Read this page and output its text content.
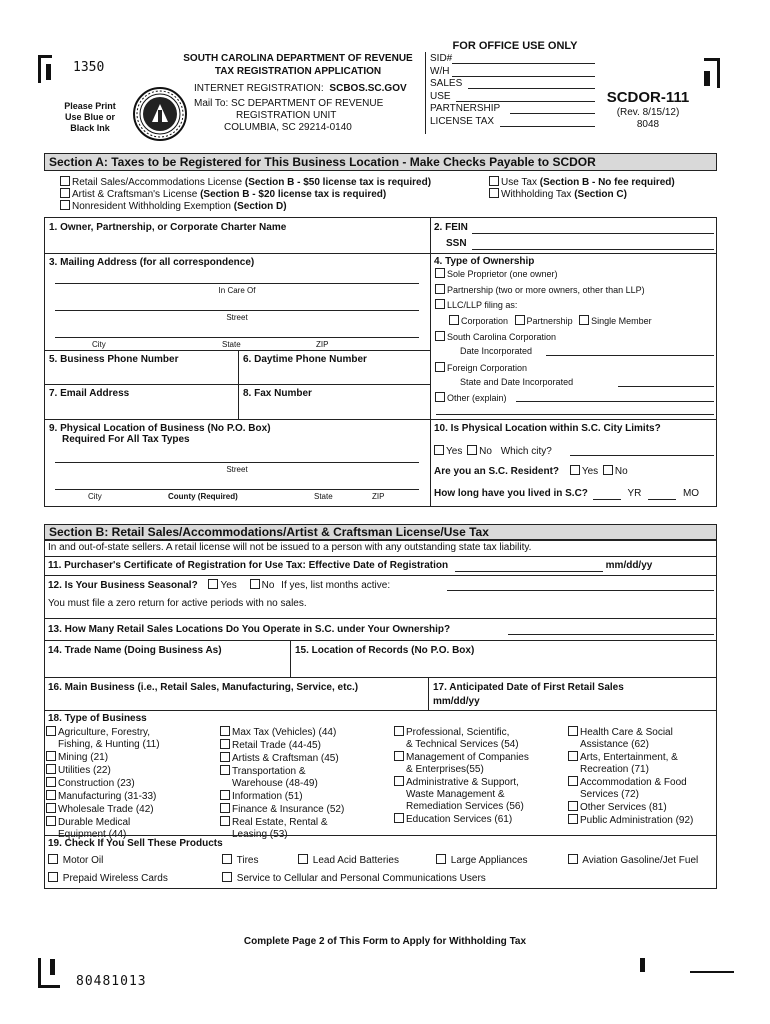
1350
Please Print
Use Blue or
Black Ink
SOUTH CAROLINA DEPARTMENT OF REVENUE
TAX REGISTRATION APPLICATION
INTERNET REGISTRATION: SCBOS.SC.GOV
Mail To: SC DEPARTMENT OF REVENUE
REGISTRATION UNIT
COLUMBIA, SC 29214-0140
FOR OFFICE USE ONLY
SID#
W/H
SALES
USE
PARTNERSHIP
LICENSE TAX
SCDOR-111
(Rev. 8/15/12)
8048
Section A: Taxes to be Registered for This Business Location - Make Checks Payable to SCDOR
Retail Sales/Accommodations License (Section B - $50 license tax is required)
Artist & Craftsman's License (Section B - $20 license tax is required)
Nonresident Withholding Exemption (Section D)
Use Tax (Section B - No fee required)
Withholding Tax (Section C)
1. Owner, Partnership, or Corporate Charter Name	2. FEIN
SSN
3. Mailing Address (for all correspondence)
In Care Of
Street
City	State	ZIP
4. Type of Ownership
Sole Proprietor (one owner)
Partnership (two or more owners, other than LLP)
LLC/LLP filing as:
Corporation Partnership Single Member
South Carolina Corporation
Date Incorporated
Foreign Corporation
State and Date Incorporated
Other (explain)
5. Business Phone Number	6. Daytime Phone Number
7. Email Address	8. Fax Number
9. Physical Location of Business (No P.O. Box)
Required For All Tax Types
Street
City	County (Required)	State	ZIP
10. Is Physical Location within S.C. City Limits?
Yes No Which city?
Are you an S.C. Resident? Yes No
How long have you lived in S.C?	YR	MO
Section B: Retail Sales/Accommodations/Artist & Craftsman License/Use Tax
In and out-of-state sellers. A retail license will not be issued to a person with any outstanding state tax liability.
11. Purchaser's Certificate of Registration for Use Tax: Effective Date of Registration	mm/dd/yy
12. Is Your Business Seasonal? Yes No If yes, list months active:
You must file a zero return for active periods with no sales.
13. How Many Retail Sales Locations Do You Operate in S.C. under Your Ownership?
14. Trade Name (Doing Business As)	15. Location of Records (No P.O. Box)
16. Main Business (i.e., Retail Sales, Manufacturing, Service, etc.)	17. Anticipated Date of First Retail Sales
mm/dd/yy
18. Type of Business
Agriculture, Forestry,
Fishing, & Hunting (11)
Mining (21)
Utilities (22)
Construction (23)
Manufacturing (31-33)
Wholesale Trade (42)
Durable Medical
Equipment (44)
Max Tax (Vehicles) (44)
Retail Trade (44-45)
Artists & Craftsman (45)
Transportation &
Warehouse (48-49)
Information (51)
Finance & Insurance (52)
Real Estate, Rental &
Leasing (53)
Professional, Scientific,
& Technical Services (54)
Management of Companies
& Enterprises(55)
Administrative & Support,
Waste Management &
Remediation Services (56)
Education Services (61)
Health Care & Social
Assistance (62)
Arts, Entertainment, &
Recreation (71)
Accommodation & Food
Services (72)
Other Services (81)
Public Administration (92)
19. Check If You Sell These Products
Motor Oil	Tires	Lead Acid Batteries	Large Appliances	Aviation Gasoline/Jet Fuel
Prepaid Wireless Cards	Service to Cellular and Personal Communications Users
Complete Page 2 of This Form to Apply for Withholding Tax
80481013
